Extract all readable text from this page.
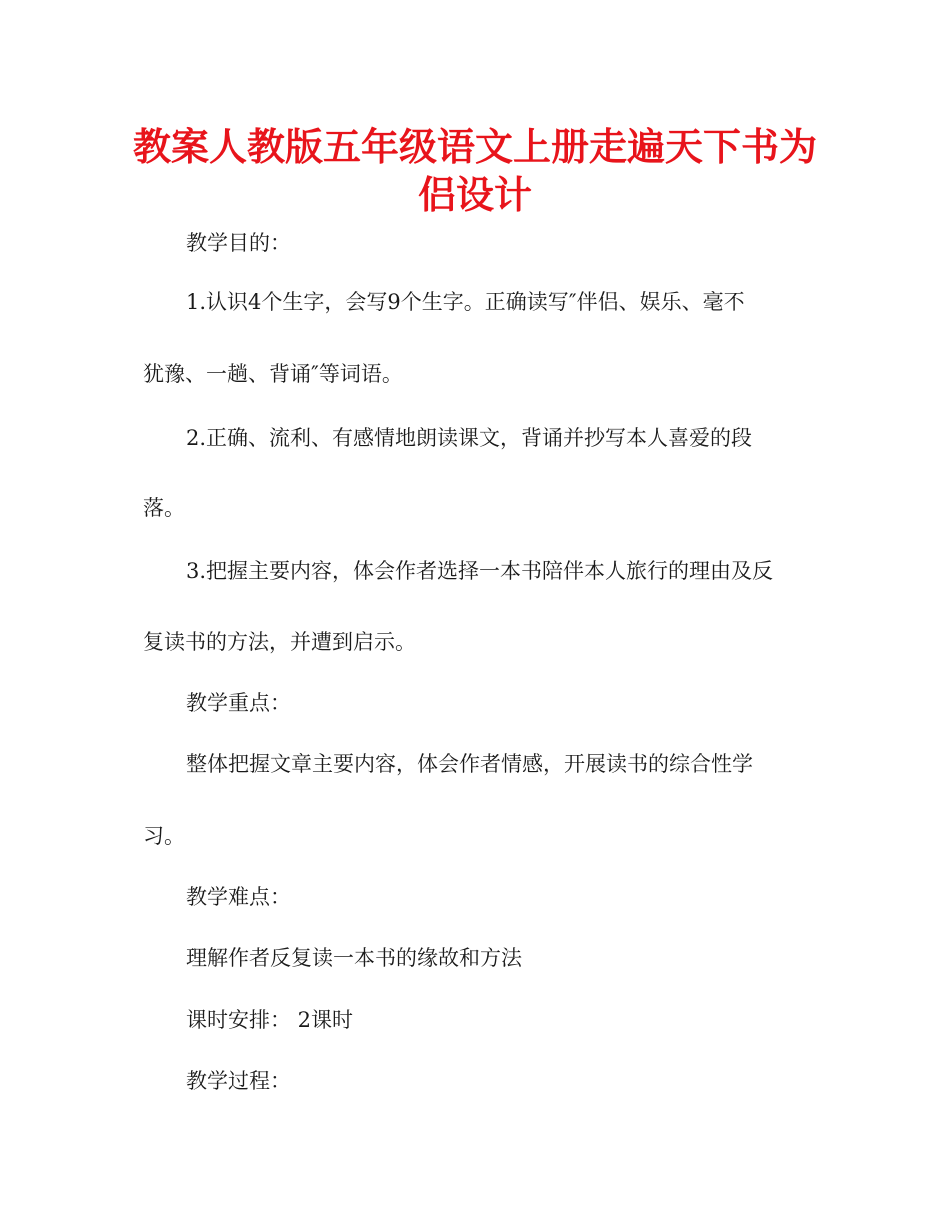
教案人教版五年级语文上册走遍天下书为
侣设计
教学目的：
1.认识4个生字，会写9个生字。正确读写″伴侣、娱乐、毫不
犹豫、一趟、背诵″等词语。
2.正确、流利、有感情地朗读课文，背诵并抄写本人喜爱的段
落。
3.把握主要内容，体会作者选择一本书陪伴本人旅行的理由及反
复读书的方法，并遭到启示。
教学重点：
整体把握文章主要内容，体会作者情感，开展读书的综合性学
习。
教学难点：
理解作者反复读一本书的缘故和方法
课时安排： 2课时
教学过程：
